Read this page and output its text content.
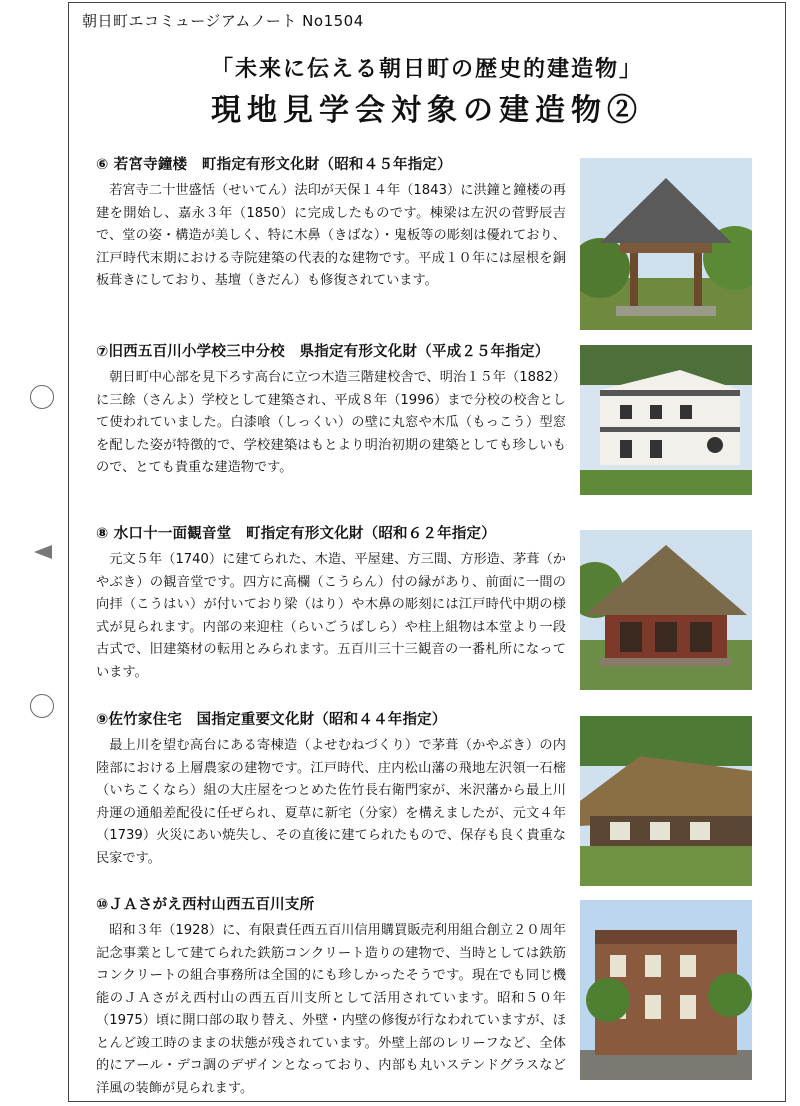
朝日町エコミュージアムノート No1504
「未来に伝える朝日町の歴史的建造物」
現地見学会対象の建造物②
⑥ 若宮寺鐘楼　町指定有形文化財（昭和４５年指定）
若宮寺二十世盛恬（せいてん）法印が天保１４年（1843）に洪鐘と鐘楼の再建を開始し、嘉永３年（1850）に完成したものです。棟梁は左沢の菅野辰吉で、堂の姿・構造が美しく、特に木鼻（きばな）・鬼板等の彫刻は優れており、江戸時代末期における寺院建築の代表的な建物です。平成１０年には屋根を銅板葺きにしており、基壇（きだん）も修復されています。
⑦旧西五百川小学校三中分校　県指定有形文化財（平成２５年指定）
朝日町中心部を見下ろす高台に立つ木造三階建校舎で、明治１５年（1882）に三餘（さんよ）学校として建築され、平成８年（1996）まで分校の校舎として使われていました。白漆喰（しっくい）の壁に丸窓や木瓜（もっこう）型窓を配した姿が特徴的で、学校建築はもとより明治初期の建築としても珍しいもので、とても貴重な建造物です。
⑧ 水口十一面観音堂　町指定有形文化財（昭和６２年指定）
元文５年（1740）に建てられた、木造、平屋建、方三間、方形造、茅葺（かやぶき）の観音堂です。四方に高欄（こうらん）付の縁があり、前面に一間の向拝（こうはい）が付いており梁（はり）や木鼻の彫刻には江戸時代中期の様式が見られます。内部の来迎柱（らいごうばしら）や柱上組物は本堂より一段古式で、旧建築材の転用とみられます。五百川三十三観音の一番札所になっています。
⑨佐竹家住宅　国指定重要文化財（昭和４４年指定）
最上川を望む高台にある寄棟造（よせむねづくり）で茅葺（かやぶき）の内陸部における上層農家の建物です。江戸時代、庄内松山藩の飛地左沢領一石樒（いちこくなら）組の大庄屋をつとめた佐竹長右衛門家が、米沢藩から最上川舟運の通船差配役に任ぜられ、夏草に新宅（分家）を構えましたが、元文４年（1739）火災にあい焼失し、その直後に建てられたもので、保存も良く貴重な民家です。
⑩ＪＡさがえ西村山西五百川支所
昭和３年（1928）に、有限責任西五百川信用購買販売利用組合創立２０周年記念事業として建てられた鉄筋コンクリート造りの建物で、当時としては鉄筋コンクリートの組合事務所は全国的にも珍しかったそうです。現在でも同じ機能のＪＡさがえ西村山の西五百川支所として活用されています。昭和５０年（1975）頃に開口部の取り替え、外壁・内壁の修復が行なわれていますが、ほとんど竣工時のままの状態が残されています。外壁上部のレリーフなど、全体的にアール・デコ調のデザインとなっており、内部も丸いステンドグラスなど洋風の装飾が見られます。
